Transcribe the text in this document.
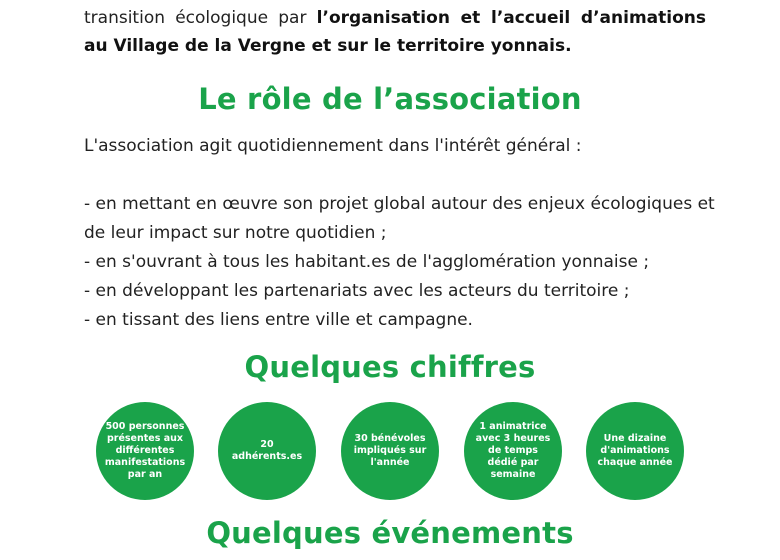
transition écologique par l’organisation et l’accueil d’animations au Village de la Vergne et sur le territoire yonnais.

Le rôle de l’association

L'association agit quotidiennement dans l'intérêt général :

- en mettant en œuvre son projet global autour des enjeux écologiques et de leur impact sur notre quotidien ;
- en s'ouvrant à tous les habitant.es de l'agglomération yonnaise ;
- en développant les partenariats avec les acteurs du territoire ;
- en tissant des liens entre ville et campagne.
Quelques chiffres
500 personnes présentes aux différentes manifestations par an
20 adhérents.es
30 bénévoles impliqués sur l'année
1 animatrice avec 3 heures de temps dédié par semaine
Une dizaine d'animations chaque année
Quelques événements
